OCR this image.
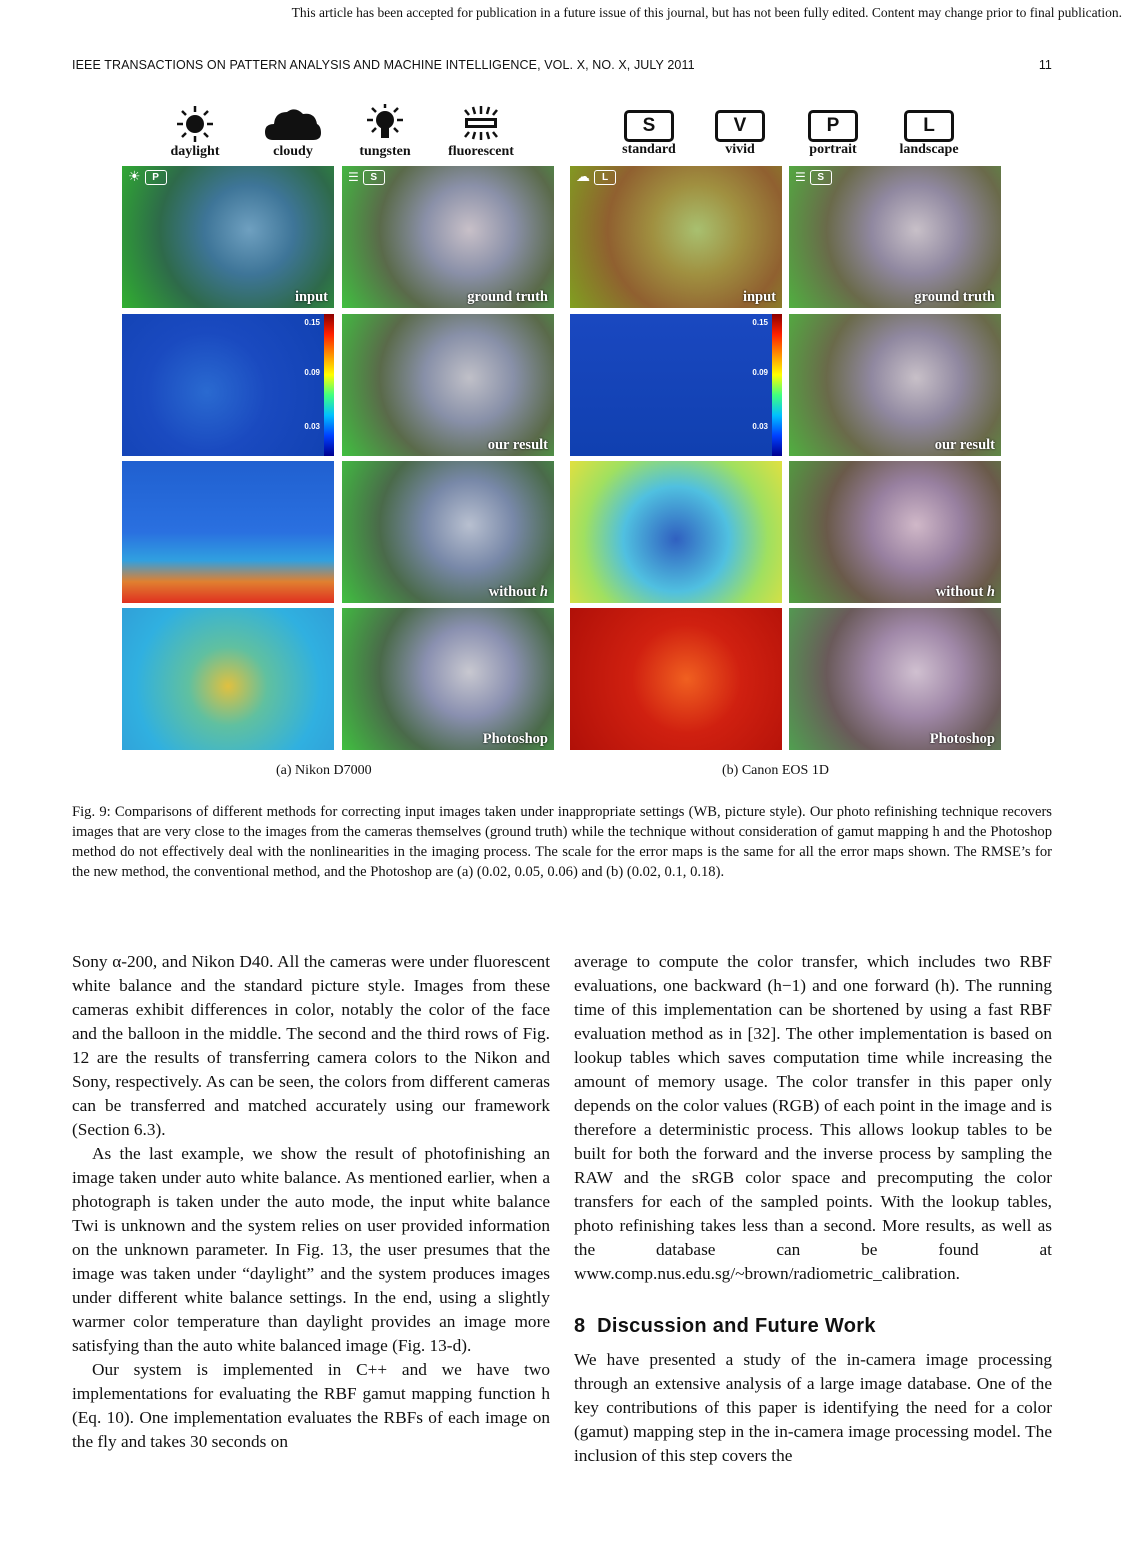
This article has been accepted for publication in a future issue of this journal, but has not been fully edited. Content may change prior to final publication.
IEEE TRANSACTIONS ON PATTERN ANALYSIS AND MACHINE INTELLIGENCE, VOL. X, NO. X, JULY 2011	11
daylight	cloudy	tungsten	fluorescent
S
standard
V
vivid
P
portrait
L
landscape
☀	P
input
☰	S
ground truth
0.15
0.09
0.03
our result
without h
Photoshop
☁	L
input
☰	S
ground truth
0.15
0.09
0.03
our result
without h
Photoshop
(a) Nikon D7000	(b) Canon EOS 1D
Fig. 9: Comparisons of different methods for correcting input images taken under inappropriate settings (WB, picture style). Our photo refinishing technique recovers images that are very close to the images from the cameras themselves (ground truth) while the technique without consideration of gamut mapping h and the Photoshop method do not effectively deal with the nonlinearities in the imaging process. The scale for the error maps is the same for all the error maps shown. The RMSE’s for the new method, the conventional method, and the Photoshop are (a) (0.02, 0.05, 0.06) and (b) (0.02, 0.1, 0.18).

Sony α-200, and Nikon D40. All the cameras were under fluorescent white balance and the standard picture style. Images from these cameras exhibit differences in color, notably the color of the face and the balloon in the middle. The second and the third rows of Fig. 12 are the results of transferring camera colors to the Nikon and Sony, respectively. As can be seen, the colors from different cameras can be transferred and matched accurately using our framework (Section 6.3).

As the last example, we show the result of photofinishing an image taken under auto white balance. As mentioned earlier, when a photograph is taken under the auto mode, the input white balance Twi is unknown and the system relies on user provided information on the unknown parameter. In Fig. 13, the user presumes that the image was taken under “daylight” and the system produces images under different white balance settings. In the end, using a slightly warmer color temperature than daylight provides an image more satisfying than the auto white balanced image (Fig. 13-d).

Our system is implemented in C++ and we have two implementations for evaluating the RBF gamut mapping function h (Eq. 10). One implementation evaluates the RBFs of each image on the fly and takes 30 seconds on

average to compute the color transfer, which includes two RBF evaluations, one backward (h−1) and one forward (h). The running time of this implementation can be shortened by using a fast RBF evaluation method as in [32]. The other implementation is based on lookup tables which saves computation time while increasing the amount of memory usage. The color transfer in this paper only depends on the color values (RGB) of each point in the image and is therefore a deterministic process. This allows lookup tables to be built for both the forward and the inverse process by sampling the RAW and the sRGB color space and precomputing the color transfers for each of the sampled points. With the lookup tables, photo refinishing takes less than a second. More results, as well as the database can be found at www.comp.nus.edu.sg/~brown/radiometric_calibration.

8 Discussion and Future Work

We have presented a study of the in-camera image processing through an extensive analysis of a large image database. One of the key contributions of this paper is identifying the need for a color (gamut) mapping step in the in-camera image processing model. The inclusion of this step covers the
